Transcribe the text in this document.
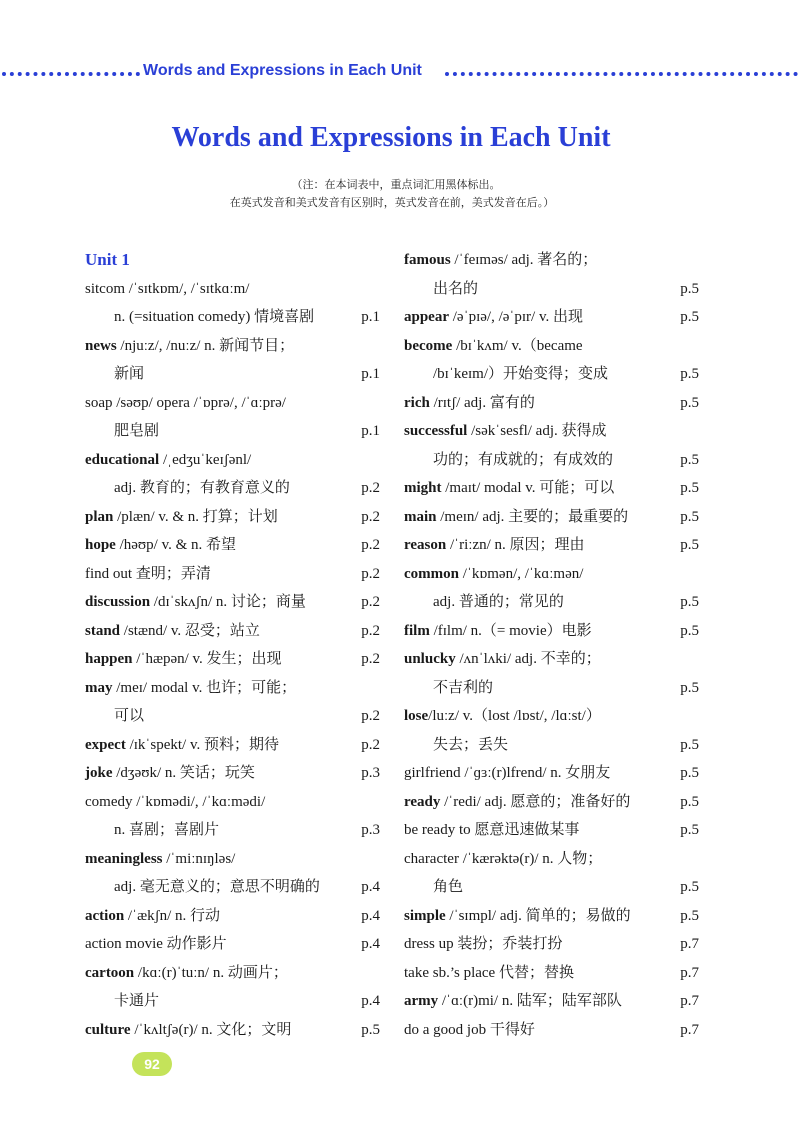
Words and Expressions in Each Unit
Words and Expressions in Each Unit
（注：在本词表中，重点词汇用黑体标出。
在英式发音和美式发音有区别时，英式发音在前，美式发音在后。）
Unit 1
sitcom /ˈsɪtkɒm/, /ˈsɪtkɑːm/
n. (=situation comedy) 情境喜剧	p.1
news /njuːz/, /nuːz/ n. 新闻节目；
新闻	p.1
soap /səʊp/ opera /ˈɒprə/, /ˈɑːprə/
肥皂剧	p.1
educational /ˌedʒuˈkeɪʃənl/
adj. 教育的；有教育意义的	p.2
plan /plæn/ v. & n. 打算；计划	p.2
hope /həʊp/ v. & n. 希望	p.2
find out 查明；弄清	p.2
discussion /dɪˈskʌʃn/ n. 讨论；商量	p.2
stand /stænd/ v. 忍受；站立	p.2
happen /ˈhæpən/ v. 发生；出现	p.2
may /meɪ/ modal v. 也许；可能；
可以	p.2
expect /ɪkˈspekt/ v. 预料；期待	p.2
joke /dʒəʊk/ n. 笑话；玩笑	p.3
comedy /ˈkɒmədi/, /ˈkɑːmədi/
n. 喜剧；喜剧片	p.3
meaningless /ˈmiːnɪŋləs/
adj. 毫无意义的；意思不明确的	p.4
action /ˈækʃn/ n. 行动	p.4
action movie 动作影片	p.4
cartoon /kɑː(r)ˈtuːn/ n. 动画片；
卡通片	p.4
culture /ˈkʌltʃə(r)/ n. 文化；文明	p.5
famous /ˈfeɪməs/ adj. 著名的；
出名的	p.5
appear /əˈpɪə/, /əˈpɪr/ v. 出现	p.5
become /bɪˈkʌm/ v.（became
/bɪˈkeɪm/）开始变得；变成	p.5
rich /rɪtʃ/ adj. 富有的	p.5
successful /səkˈsesfl/ adj. 获得成
功的；有成就的；有成效的	p.5
might /maɪt/ modal v. 可能；可以	p.5
main /meɪn/ adj. 主要的；最重要的	p.5
reason /ˈriːzn/ n. 原因；理由	p.5
common /ˈkɒmən/, /ˈkɑːmən/
adj. 普通的；常见的	p.5
film /fɪlm/ n.（= movie）电影	p.5
unlucky /ʌnˈlʌki/ adj. 不幸的；
不吉利的	p.5
lose/luːz/ v.（lost /lɒst/, /lɑːst/）
失去；丢失	p.5
girlfriend /ˈɡɜː(r)lfrend/ n. 女朋友	p.5
ready /ˈredi/ adj. 愿意的；准备好的	p.5
be ready to 愿意迅速做某事	p.5
character /ˈkærəktə(r)/ n. 人物；
角色	p.5
simple /ˈsɪmpl/ adj. 简单的；易做的	p.5
dress up 装扮；乔装打扮	p.7
take sb.’s place 代替；替换	p.7
army /ˈɑː(r)mi/ n. 陆军；陆军部队	p.7
do a good job 干得好	p.7
92
